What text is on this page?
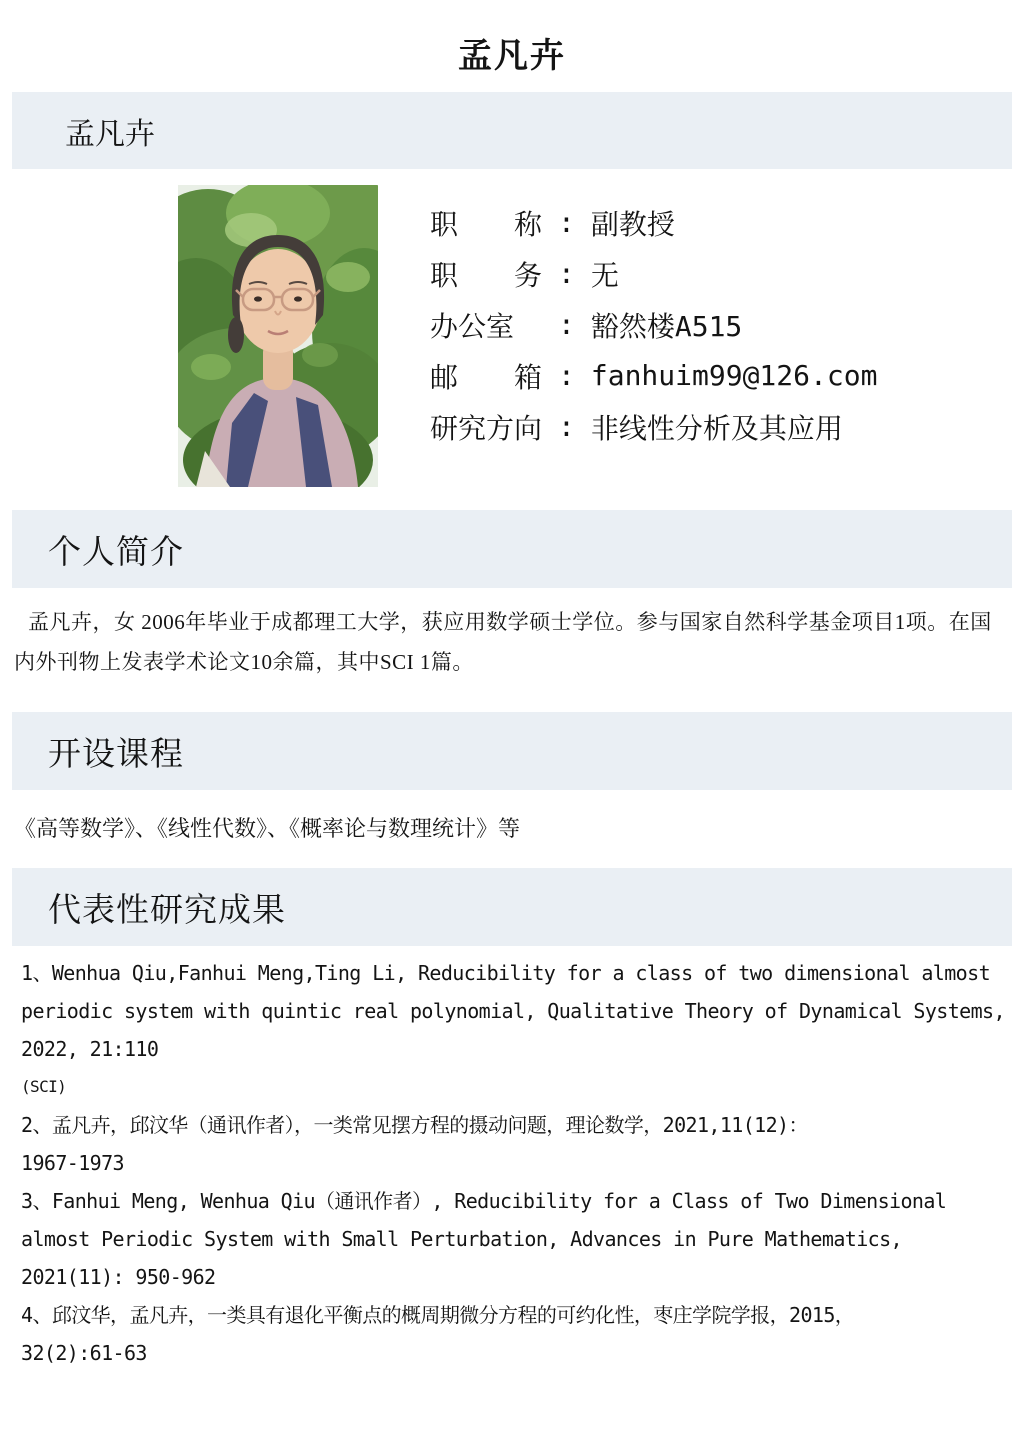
孟凡卉
孟凡卉
职　　称 : 副教授
职　　务 : 无
办公室　 : 豁然楼A515
邮　　箱 : fanhuim99@126.com
研究方向 : 非线性分析及其应用
个人简介

孟凡卉，女 2006年毕业于成都理工大学，获应用数学硕士学位。参与国家自然科学基金项目1项。在国内外刊物上发表学术论文10余篇，其中SCI 1篇。

开设课程

《高等数学》、《线性代数》、《概率论与数理统计》等

代表性研究成果
1、Wenhua Qiu,Fanhui Meng,Ting Li, Reducibility for a class of two dimensional almost
periodic system with quintic real polynomial, Qualitative Theory of Dynamical Systems,
2022, 21:110
(SCI)
2、孟凡卉，邱汶华（通讯作者），一类常见摆方程的摄动问题，理论数学，2021,11(12)：
1967-1973
3、Fanhui Meng, Wenhua Qiu（通讯作者）, Reducibility for a Class of Two Dimensional
almost Periodic System with Small Perturbation, Advances in Pure Mathematics,
2021(11): 950-962
4、邱汶华，孟凡卉，一类具有退化平衡点的概周期微分方程的可约化性，枣庄学院学报，2015，
32(2):61-63
